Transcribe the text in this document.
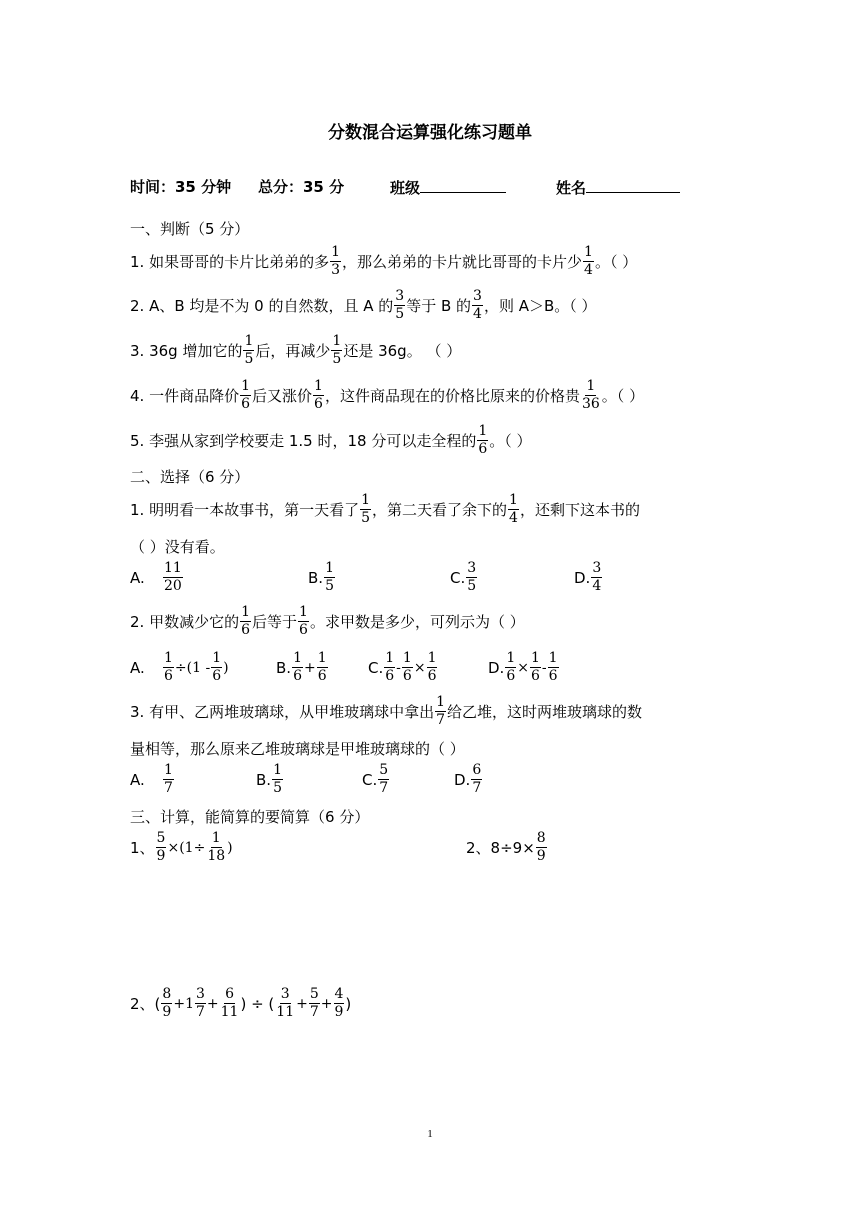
分数混合运算强化练习题单
时间：35 分钟 总分：35 分	班级	姓名
一、判断（5 分）
1. 如果哥哥的卡片比弟弟的多 $\frac{1}{3}$ ，那么弟弟的卡片就比哥哥的卡片少 $\frac{1}{4}$ 。（ ）
2. A、B 均是不为 0 的自然数，且 A 的 $\frac{3}{5}$ 等于 B 的 $\frac{3}{4}$ ，则 A＞B。（ ）
3. 36g 增加它的 $\frac{1}{5}$ 后，再减少 $\frac{1}{5}$ 还是 36g。 （ ）
4. 一件商品降价 $\frac{1}{6}$ 后又涨价 $\frac{1}{6}$ ，这件商品现在的价格比原来的价格贵 $\frac{1}{36}$ 。（ ）
5. 李强从家到学校要走 1.5 时，18 分可以走全程的 $\frac{1}{6}$ 。（ ）
二、选择（6 分）
1. 明明看一本故事书，第一天看了 $\frac{1}{5}$ ，第二天看了余下的 $\frac{1}{4}$ ，还剩下这本书的
（ ）没有看。
A.	$\frac{11}{20}$	B. $\frac{1}{5}$	C. $\frac{3}{5}$	D. $\frac{3}{4}$
2. 甲数减少它的 $\frac{1}{6}$ 后等于 $\frac{1}{6}$ 。求甲数是多少，可列示为（ ）
A.	$\frac{1}{6} \div (1 - \frac{1}{6}$ )	B. $\frac{1}{6} + \frac{1}{6}$	C. $\frac{1}{6} - \frac{1}{6} \times \frac{1}{6}$	D. $\frac{1}{6} \times \frac{1}{6} - \frac{1}{6}$
3. 有甲、乙两堆玻璃球，从甲堆玻璃球中拿出 $\frac{1}{7}$ 给乙堆，这时两堆玻璃球的数
量相等，那么原来乙堆玻璃球是甲堆玻璃球的（ ）
A.	$\frac{1}{7}$	B. $\frac{1}{5}$	C. $\frac{5}{7}$	D. $\frac{6}{7}$
三、计算，能简算的要简算（6 分）
1、 $\frac{5}{9} \times(1\div \frac{1}{18}$ )	2、$8\div 9\times \frac{8}{9}$
2、( $\frac{8}{9} + 1 \frac{3}{7} + \frac{6}{11}$ ) ÷ ( $\frac{3}{11} + \frac{5}{7} + \frac{4}{9}$ )
1
